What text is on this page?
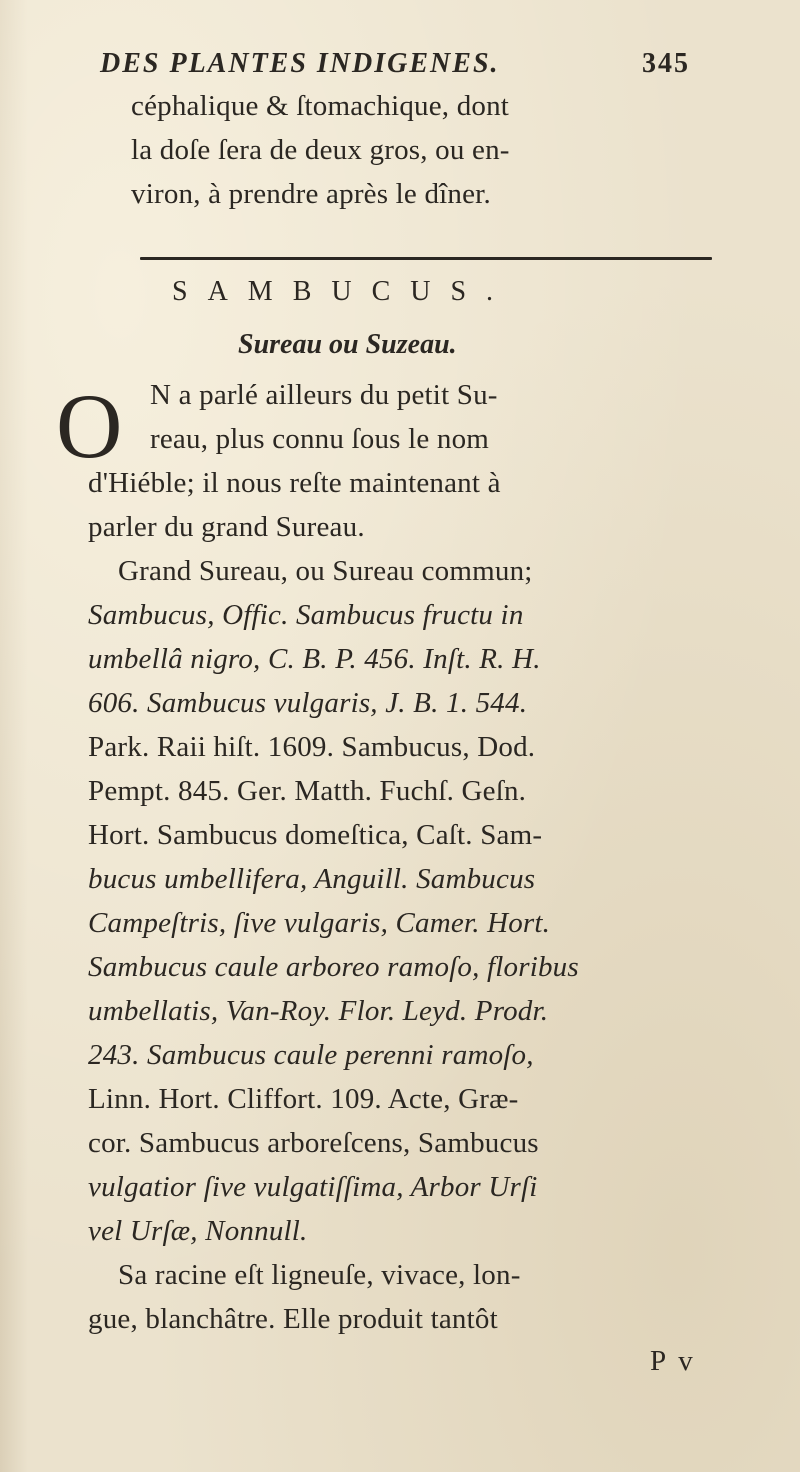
DES PLANTES INDIGENES.	345
céphalique & ſtomachique, dont
la doſe ſera de deux gros, ou en-
viron, à prendre après le dîner.
SAMBUCUS.
Sureau ou Suzeau.
O N a parlé ailleurs du petit Su-
reau, plus connu ſous le nom
d'Hiéble; il nous reſte maintenant à
parler du grand Sureau.
Grand Sureau, ou Sureau commun;
Sambucus, Offic. Sambucus fructu in
umbellâ nigro, C. B. P. 456. Inſt. R. H.
606. Sambucus vulgaris, J. B. 1. 544.
Park. Raii hiſt. 1609. Sambucus, Dod.
Pempt. 845. Ger. Matth. Fuchſ. Geſn.
Hort. Sambucus domeſtica, Caſt. Sam-
bucus umbellifera, Anguill. Sambucus
Campeſtris, ſive vulgaris, Camer. Hort.
Sambucus caule arboreo ramoſo, floribus
umbellatis, Van-Roy. Flor. Leyd. Prodr.
243. Sambucus caule perenni ramoſo,
Linn. Hort. Cliffort. 109. Acte, Græ-
cor. Sambucus arboreſcens, Sambucus
vulgatior ſive vulgatiſſima, Arbor Urſi
vel Urſæ, Nonnull.
Sa racine eſt ligneuſe, vivace, lon-
gue, blanchâtre. Elle produit tantôt
P v
